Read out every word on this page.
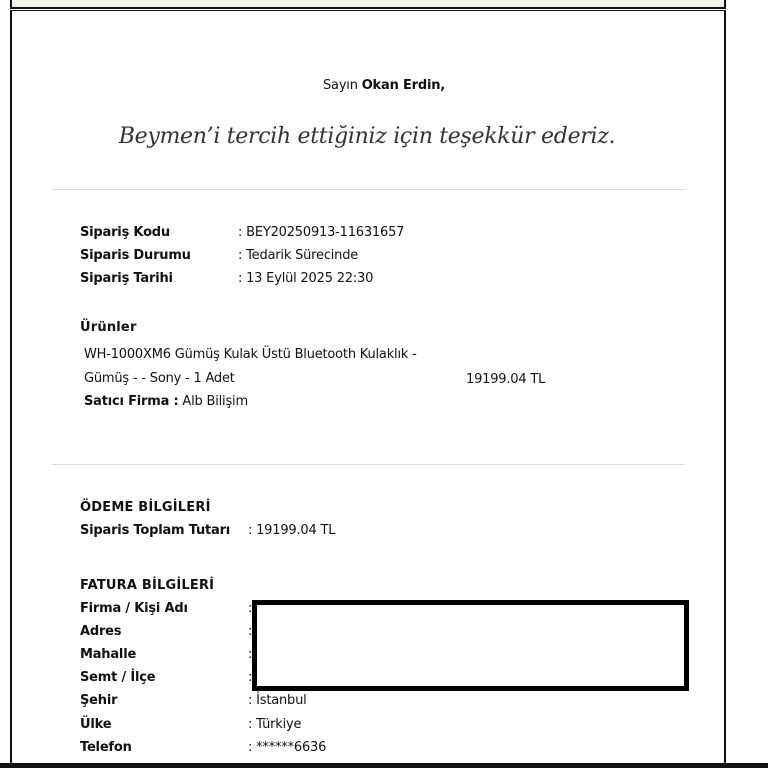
Sayın Okan Erdin,
Beymen’i tercih ettiğiniz için teşekkür ederiz.
Sipariş Kodu	: BEY20250913-11631657
Siparis Durumu	: Tedarik Sürecinde
Sipariş Tarihi	: 13 Eylül 2025 22:30
Ürünler
WH-1000XM6 Gümüş Kulak Üstü Bluetooth Kulaklık -
Gümüş - - Sony - 1 Adet	19199.04 TL
Satıcı Firma : Alb Bilişim
ÖDEME BİLGİLERİ
Siparis Toplam Tutarı : 19199.04 TL
FATURA BİLGİLERİ
Firma / Kişi Adı	:
Adres	:
Mahalle	:
Semt / İlçe	:
Şehir	: İstanbul
Ülke	: Türkiye
Telefon	: ******6636
